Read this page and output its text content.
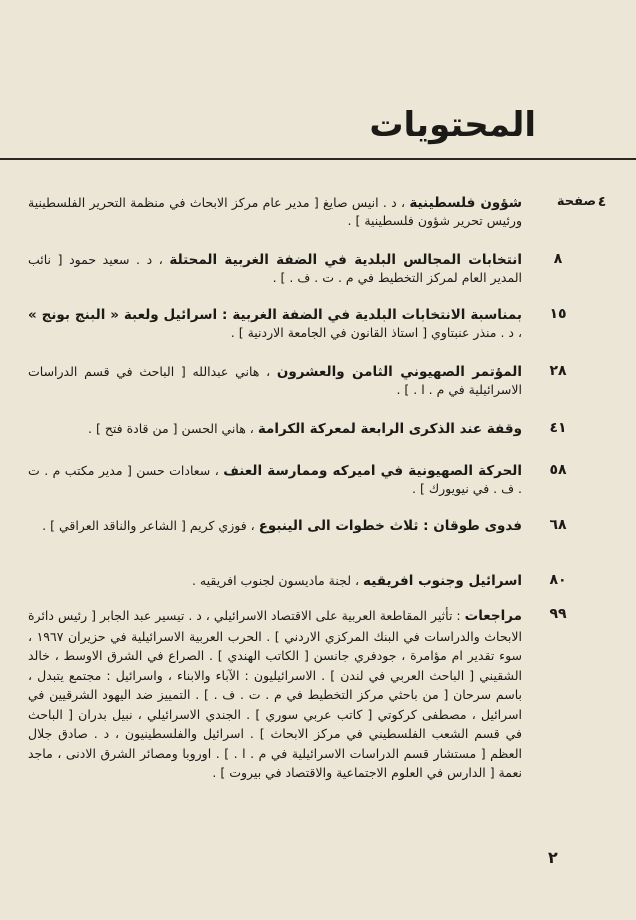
المحتويات
صفحة ٤
شؤون فلسطينية ، د . انيس صايغ [ مدير عام مركز الابحاث في منظمة التحرير الفلسطينية ورئيس تحرير شؤون فلسطينية ] .
٨
انتخابات المجالس البلدية في الضفة الغربية المحتلة ، د . سعيد حمود [ نائب المدير العام لمركز التخطيط في م . ت . ف . ] .
١٥
بمناسبة الانتخابات البلدية في الضفة الغربية : اسرائيل ولعبة « البنج بونج » ، د . منذر عنبتاوي [ استاذ القانون في الجامعة الاردنية ] .
٢٨
المؤتمر الصهيوني الثامن والعشرون ، هاني عبدالله [ الباحث في قسم الدراسات الاسرائيلية في م . ا . ] .
٤١
وقفة عند الذكرى الرابعة لمعركة الكرامة ، هاني الحسن [ من قادة فتح ] .
٥٨
الحركة الصهيونية في اميركه وممارسة العنف ، سعادات حسن [ مدير مكتب م . ت . ف . في نيويورك ] .
٦٨
فدوى طوقان : ثلاث خطوات الى الينبوع ، فوزي كريم [ الشاعر والناقد العراقي ] .
٨٠
اسرائيل وجنوب افريقيه ، لجنة ماديسون لجنوب افريقيه .
٩٩
مراجعات : تأثير المقاطعة العربية على الاقتصاد الاسرائيلي ، د . تيسير عبد الجابر [ رئيس دائرة الابحاث والدراسات في البنك المركزي الاردني ] . الحرب العربية الاسرائيلية في حزيران ١٩٦٧ ، سوء تقدير ام مؤامرة ، جودفري جانسن [ الكاتب الهندي ] . الصراع في الشرق الاوسط ، خالد الشقيني [ الباحث العربي في لندن ] . الاسرائيليون : الآباء والابناء ، واسرائيل : مجتمع يتبدل ، باسم سرحان [ من باحثي مركز التخطيط في م . ت . ف . ] . التمييز ضد اليهود الشرقيين في اسرائيل ، مصطفى كركوتي [ كاتب عربي سوري ] . الجندي الاسرائيلي ، نبيل بدران [ الباحث في قسم الشعب الفلسطيني في مركز الابحاث ] . اسرائيل والفلسطينيون ، د . صادق جلال العظم [ مستشار قسم الدراسات الاسرائيلية في م . ا . ] . اوروبا ومصائر الشرق الادنى ، ماجد نعمة [ الدارس في العلوم الاجتماعية والاقتصاد في بيروت ] .
٢
